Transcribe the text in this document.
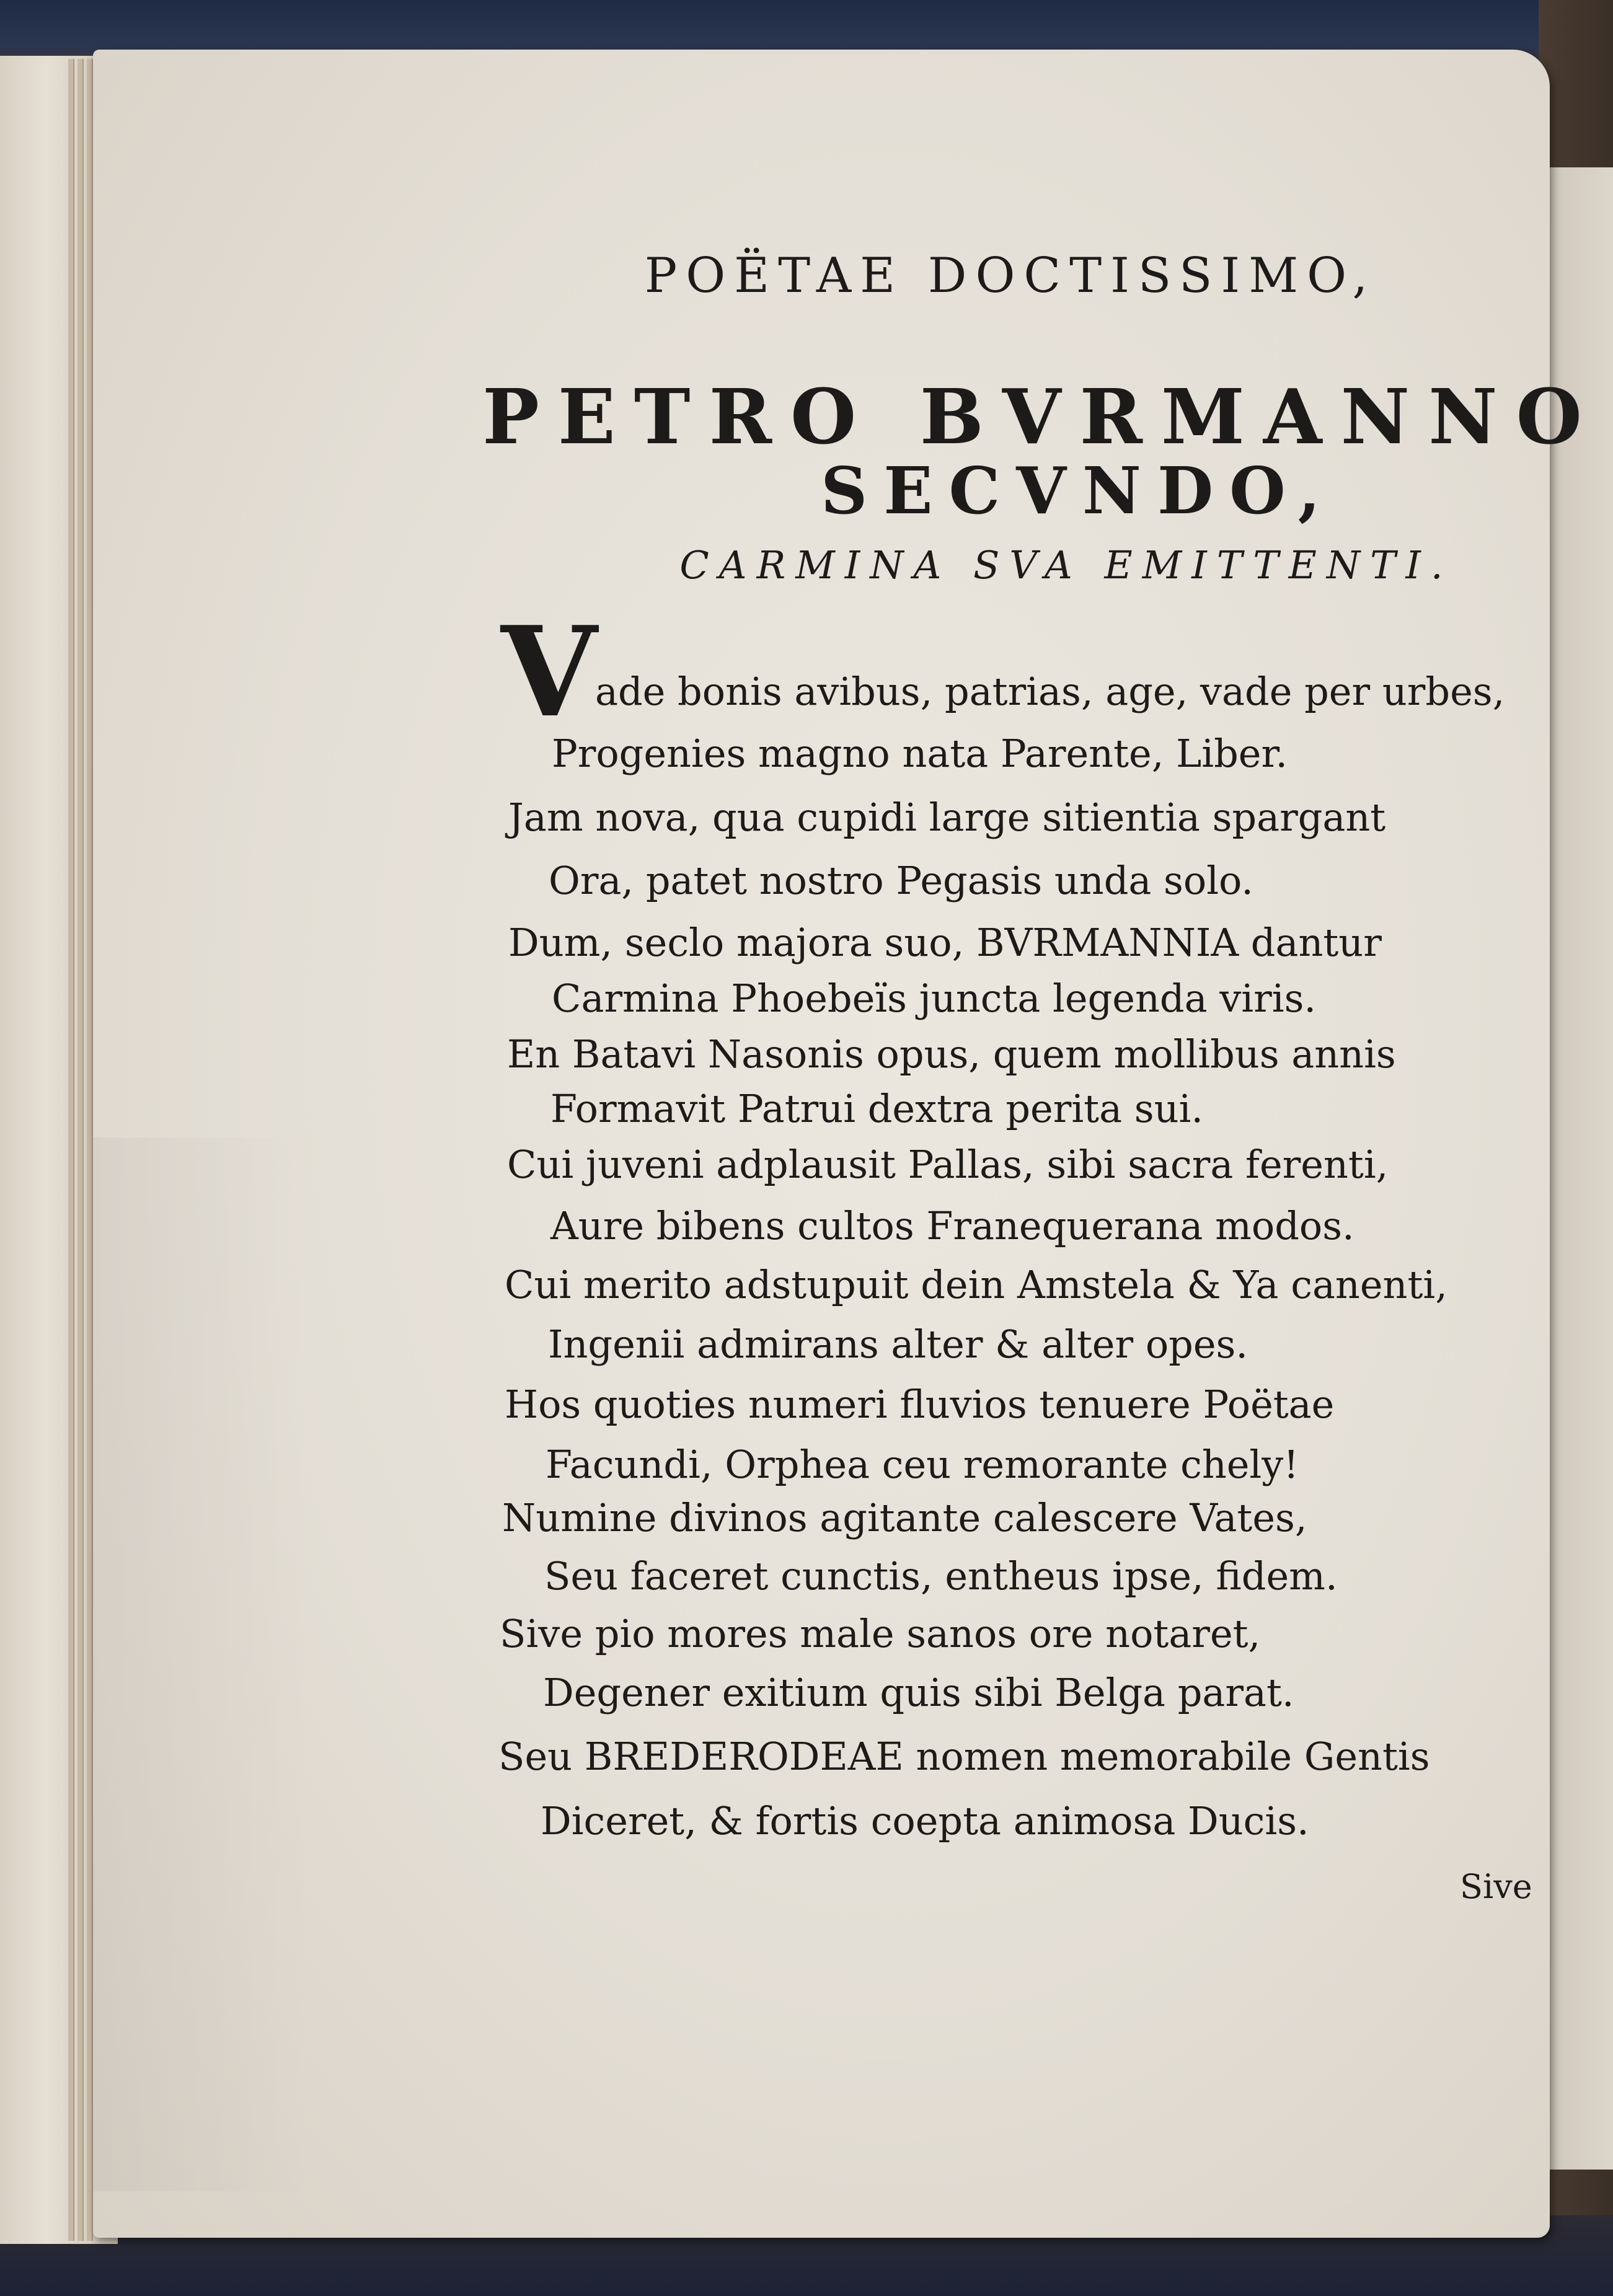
POËTAE DOCTISSIMO,
PETRO BVRMANNO
SECVNDO,
CARMINA SVA EMITTENTI.
V
ade bonis avibus, patrias, age, vade per urbes,
Progenies magno nata Parente, Liber.
Jam nova, qua cupidi large sitientia spargant
Ora, patet nostro Pegasis unda solo.
Dum, seclo majora suo, BVRMANNIA dantur
Carmina Phoebeïs juncta legenda viris.
En Batavi Nasonis opus, quem mollibus annis
Formavit Patrui dextra perita sui.
Cui juveni adplausit Pallas, sibi sacra ferenti,
Aure bibens cultos Franequerana modos.
Cui merito adstupuit dein Amstela & Ya canenti,
Ingenii admirans alter & alter opes.
Hos quoties numeri fluvios tenuere Poëtae
Facundi, Orphea ceu remorante chely!
Numine divinos agitante calescere Vates,
Seu faceret cunctis, entheus ipse, fidem.
Sive pio mores male sanos ore notaret,
Degener exitium quis sibi Belga parat.
Seu BREDERODEAE nomen memorabile Gentis
Diceret, & fortis coepta animosa Ducis.
Sive
